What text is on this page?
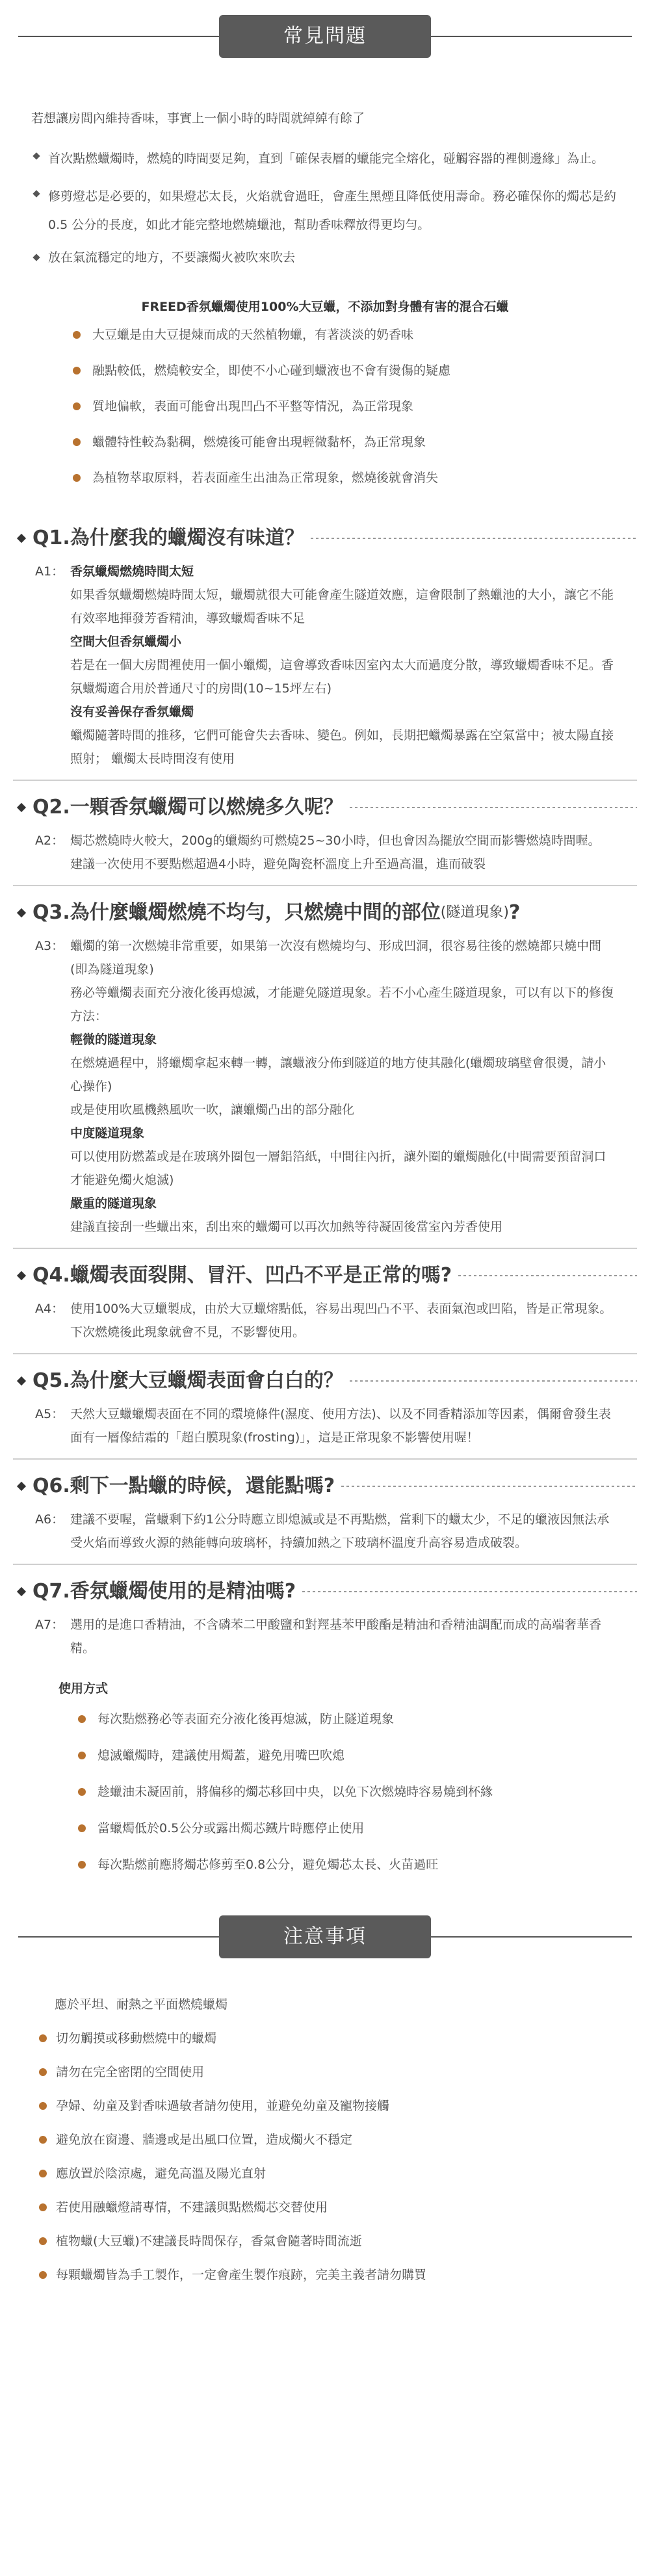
常見問題

若想讓房間內維持香味，事實上一個小時的時間就綽綽有餘了

首次點燃蠟燭時，燃燒的時間要足夠，直到「確保表層的蠟能完全熔化，碰觸容器的裡側邊緣」為止。

修剪燈芯是必要的，如果燈芯太長，火焰就會過旺，會產生黑煙且降低使用壽命。務必確保你的燭芯是約 0.5 公分的長度，如此才能完整地燃燒蠟池，幫助香味釋放得更均勻。

放在氣流穩定的地方，不要讓燭火被吹來吹去

FREED香氛蠟燭使用100%大豆蠟，不添加對身體有害的混合石蠟
大豆蠟是由大豆提煉而成的天然植物蠟，有著淡淡的奶香味
融點較低，燃燒較安全，即使不小心碰到蠟液也不會有燙傷的疑慮
質地偏軟，表面可能會出現凹凸不平整等情況，為正常現象
蠟體特性較為黏稠，燃燒後可能會出現輕微黏杯，為正常現象
為植物萃取原料，若表面產生出油為正常現象，燃燒後就會消失
Q1.為什麼我的蠟燭沒有味道？
A1： 香氛蠟燭燃燒時間太短
如果香氛蠟燭燃燒時間太短，蠟燭就很大可能會產生隧道效應，這會限制了熱蠟池的大小，讓它不能有效率地揮發芳香精油，導致蠟燭香味不足
空間大但香氛蠟燭小
若是在一個大房間裡使用一個小蠟燭，這會導致香味因室內太大而過度分散，導致蠟燭香味不足。香氛蠟燭適合用於普通尺寸的房間(10~15坪左右)
沒有妥善保存香氛蠟燭
蠟燭隨著時間的推移，它們可能會失去香味、變色。例如，長期把蠟燭暴露在空氣當中；被太陽直接照射； 蠟燭太長時間沒有使用
Q2.一顆香氛蠟燭可以燃燒多久呢？
A2： 燭芯燃燒時火較大，200g的蠟燭約可燃燒25~30小時，但也會因為擺放空間而影響燃燒時間喔。
建議一次使用不要點燃超過4小時，避免陶瓷杯溫度上升至過高溫，進而破裂
Q3.為什麼蠟燭燃燒不均勻，只燃燒中間的部位 (隧道現象) ?
A3： 蠟燭的第一次燃燒非常重要，如果第一次沒有燃燒均勻、形成凹洞，很容易往後的燃燒都只燒中間(即為隧道現象)
務必等蠟燭表面充分液化後再熄滅，才能避免隧道現象。若不小心產生隧道現象，可以有以下的修復方法：
輕微的隧道現象
在燃燒過程中，將蠟燭拿起來轉一轉，讓蠟液分佈到隧道的地方使其融化(蠟燭玻璃壁會很燙，請小心操作)
或是使用吹風機熱風吹一吹，讓蠟燭凸出的部分融化
中度隧道現象
可以使用防燃蓋或是在玻璃外圈包一層鋁箔紙，中間往內折，讓外圈的蠟燭融化(中間需要預留洞口才能避免燭火熄滅)
嚴重的隧道現象
建議直接刮一些蠟出來，刮出來的蠟燭可以再次加熱等待凝固後當室內芳香使用
Q4.蠟燭表面裂開、冒汗、凹凸不平是正常的嗎?
A4： 使用100%大豆蠟製成，由於大豆蠟熔點低，容易出現凹凸不平、表面氣泡或凹陷，皆是正常現象。下次燃燒後此現象就會不見，不影響使用。
Q5.為什麼大豆蠟燭表面會白白的？
A5： 天然大豆蠟蠟燭表面在不同的環境條件(濕度、使用方法)、以及不同香精添加等因素，偶爾會發生表面有一層像結霜的「超白膜現象(frosting)」，這是正常現象不影響使用喔！
Q6.剩下一點蠟的時候，還能點嗎?
A6： 建議不要喔，當蠟剩下約1公分時應立即熄滅或是不再點燃，當剩下的蠟太少，不足的蠟液因無法承受火焰而導致火源的熱能轉向玻璃杯，持續加熱之下玻璃杯溫度升高容易造成破裂。
Q7.香氛蠟燭使用的是精油嗎?
A7： 選用的是進口香精油，不含磷苯二甲酸鹽和對羥基苯甲酸酯是精油和香精油調配而成的高端奢華香精。
使用方式
每次點燃務必等表面充分液化後再熄滅，防止隧道現象
熄滅蠟燭時，建議使用燭蓋，避免用嘴巴吹熄
趁蠟油未凝固前，將偏移的燭芯移回中央，以免下次燃燒時容易燒到杯緣
當蠟燭低於0.5公分或露出燭芯鐵片時應停止使用
每次點燃前應將燭芯修剪至0.8公分，避免燭芯太長、火苗過旺
注意事項
應於平坦、耐熱之平面燃燒蠟燭
切勿觸摸或移動燃燒中的蠟燭
請勿在完全密閉的空間使用
孕婦、幼童及對香味過敏者請勿使用，並避免幼童及寵物接觸
避免放在窗邊、牆邊或是出風口位置，造成燭火不穩定
應放置於陰涼處，避免高溫及陽光直射
若使用融蠟燈請專情，不建議與點燃燭芯交替使用
植物蠟(大豆蠟)不建議長時間保存，香氣會隨著時間流逝
每顆蠟燭皆為手工製作，一定會產生製作痕跡，完美主義者請勿購買
